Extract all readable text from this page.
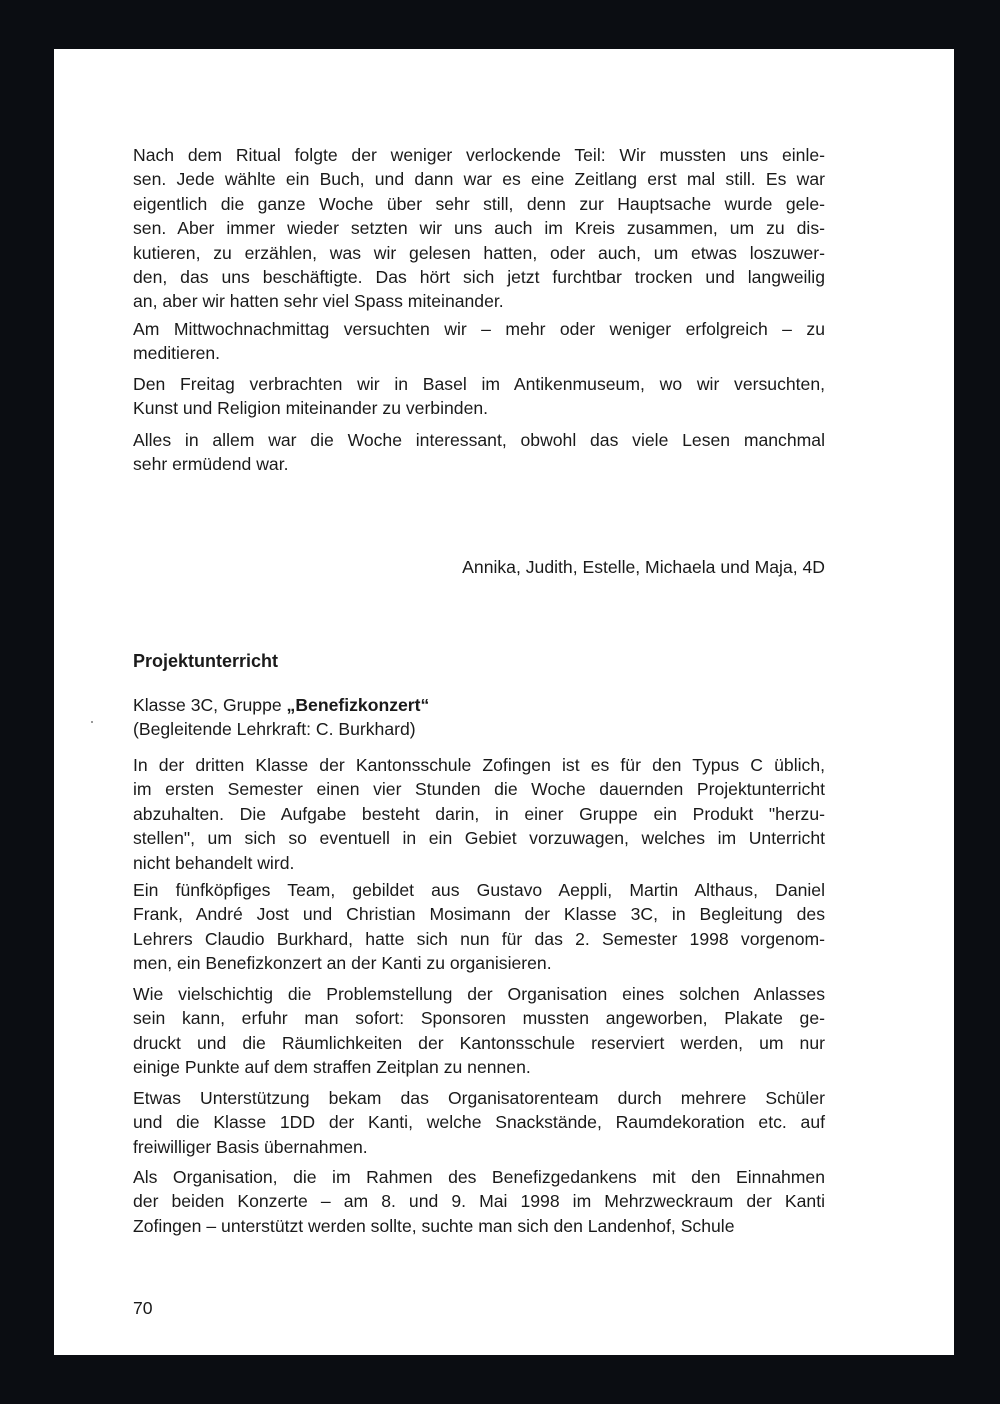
Annika, Judith, Estelle, Michaela und Maja, 4D
Projektunterricht
Klasse 3C, Gruppe „Benefizkonzert“
(Begleitende Lehrkraft: C. Burkhard)
70
Nach dem Ritual folgte der weniger verlockende Teil: Wir mussten uns einle-
sen. Jede wählte ein Buch, und dann war es eine Zeitlang erst mal still. Es war
eigentlich die ganze Woche über sehr still, denn zur Hauptsache wurde gele-
sen. Aber immer wieder setzten wir uns auch im Kreis zusammen, um zu dis-
kutieren, zu erzählen, was wir gelesen hatten, oder auch, um etwas loszuwer-
den, das uns beschäftigte. Das hört sich jetzt furchtbar trocken und langweilig
an, aber wir hatten sehr viel Spass miteinander.
Am Mittwochnachmittag versuchten wir – mehr oder weniger erfolgreich – zu
meditieren.
Den Freitag verbrachten wir in Basel im Antikenmuseum, wo wir versuchten,
Kunst und Religion miteinander zu verbinden.
Alles in allem war die Woche interessant, obwohl das viele Lesen manchmal
sehr ermüdend war.
In der dritten Klasse der Kantonsschule Zofingen ist es für den Typus C üblich,
im ersten Semester einen vier Stunden die Woche dauernden Projektunterricht
abzuhalten. Die Aufgabe besteht darin, in einer Gruppe ein Produkt "herzu-
stellen", um sich so eventuell in ein Gebiet vorzuwagen, welches im Unterricht
nicht behandelt wird.
Ein fünfköpfiges Team, gebildet aus Gustavo Aeppli, Martin Althaus, Daniel
Frank, André Jost und Christian Mosimann der Klasse 3C, in Begleitung des
Lehrers Claudio Burkhard, hatte sich nun für das 2. Semester 1998 vorgenom-
men, ein Benefizkonzert an der Kanti zu organisieren.
Wie vielschichtig die Problemstellung der Organisation eines solchen Anlasses
sein kann, erfuhr man sofort: Sponsoren mussten angeworben, Plakate ge-
druckt und die Räumlichkeiten der Kantonsschule reserviert werden, um nur
einige Punkte auf dem straffen Zeitplan zu nennen.
Etwas Unterstützung bekam das Organisatorenteam durch mehrere Schüler
und die Klasse 1DD der Kanti, welche Snackstände, Raumdekoration etc. auf
freiwilliger Basis übernahmen.
Als Organisation, die im Rahmen des Benefizgedankens mit den Einnahmen
der beiden Konzerte – am 8. und 9. Mai 1998 im Mehrzweckraum der Kanti
Zofingen – unterstützt werden sollte, suchte man sich den Landenhof, Schule
